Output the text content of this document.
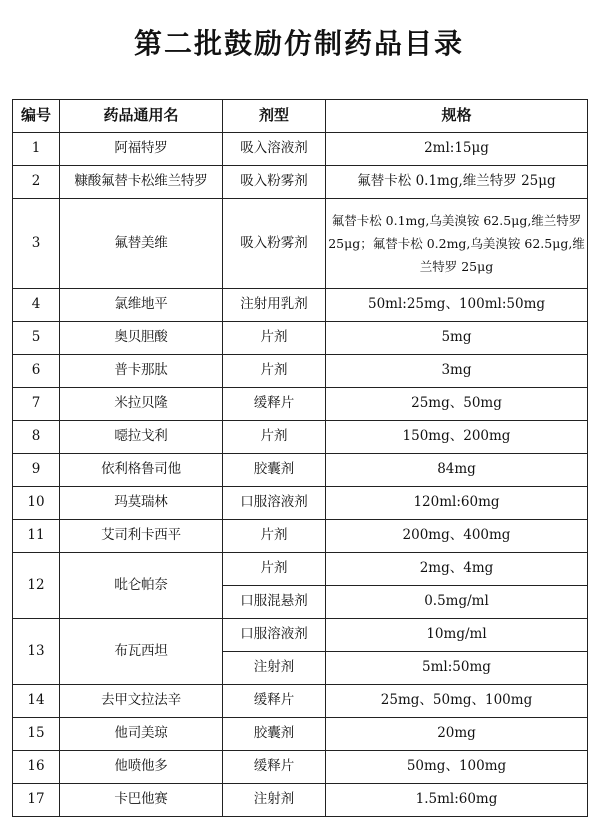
第二批鼓励仿制药品目录
编号	药品通用名	剂型	规格
1	阿福特罗	吸入溶液剂	2ml:15μg
2	糠酸氟替卡松维兰特罗	吸入粉雾剂	氟替卡松 0.1mg,维兰特罗 25μg
3	氟替美维	吸入粉雾剂	氟替卡松 0.1mg,乌美溴铵 62.5μg,维兰特罗 25μg；氟替卡松 0.2mg,乌美溴铵 62.5μg,维兰特罗 25μg
4	氯维地平	注射用乳剂	50ml:25mg、100ml:50mg
5	奥贝胆酸	片剂	5mg
6	普卡那肽	片剂	3mg
7	米拉贝隆	缓释片	25mg、50mg
8	噁拉戈利	片剂	150mg、200mg
9	依利格鲁司他	胶囊剂	84mg
10	玛莫瑞林	口服溶液剂	120ml:60mg
11	艾司利卡西平	片剂	200mg、400mg
12	吡仑帕奈	片剂	2mg、4mg
		口服混悬剂	0.5mg/ml
13	布瓦西坦	口服溶液剂	10mg/ml
		注射剂	5ml:50mg
14	去甲文拉法辛	缓释片	25mg、50mg、100mg
15	他司美琼	胶囊剂	20mg
16	他喷他多	缓释片	50mg、100mg
17	卡巴他赛	注射剂	1.5ml:60mg
